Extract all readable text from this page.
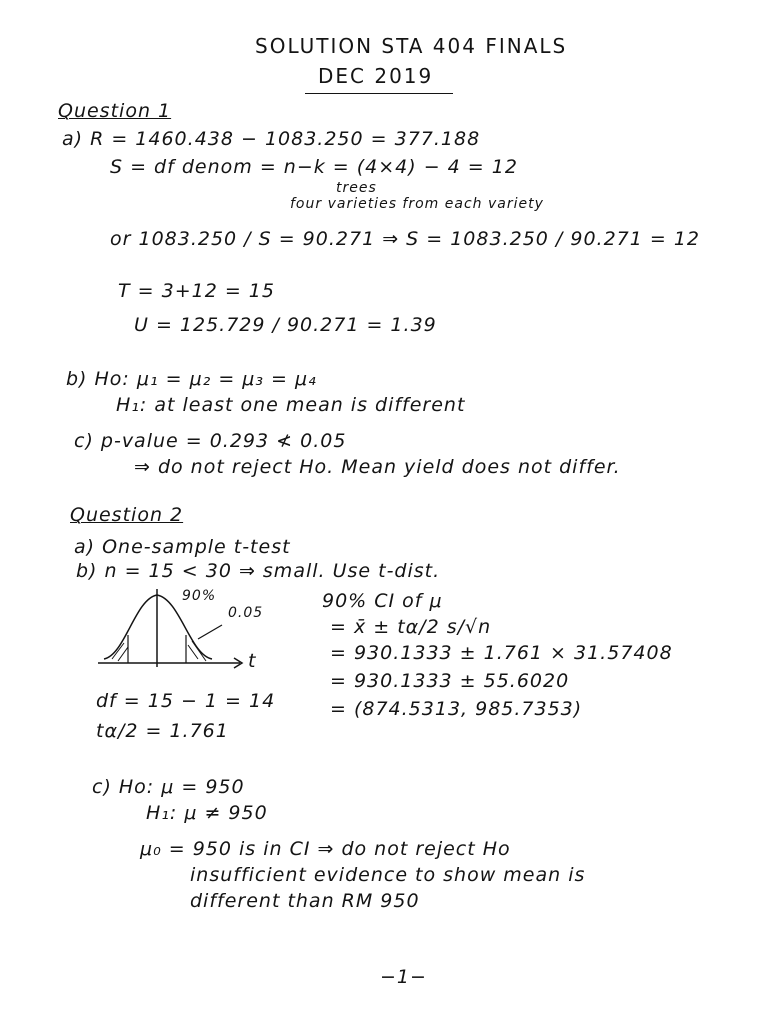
SOLUTION STA 404 FINALS
DEC 2019
Question 1
a) R = 1460.438 − 1083.250 = 377.188
S = df denom = n−k = (4×4) − 4 = 12
trees
four varieties from each variety
or 1083.250 / S = 90.271 ⇒ S = 1083.250 / 90.271 = 12
T = 3+12 = 15
U = 125.729 / 90.271 = 1.39
b) Ho: μ₁ = μ₂ = μ₃ = μ₄
H₁: at least one mean is different
c) p-value = 0.293 ≮ 0.05
⇒ do not reject Ho. Mean yield does not differ.
Question 2
a) One-sample t-test
b) n = 15 < 30 ⇒ small. Use t-dist.
90%
0.05
t
90% CI of μ
= x̄ ± tα/2 s/√n
= 930.1333 ± 1.761 × 31.57408
= 930.1333 ± 55.6020
= (874.5313, 985.7353)
df = 15 − 1 = 14
tα/2 = 1.761
c) Ho: μ = 950
H₁: μ ≠ 950
μ₀ = 950 is in CI ⇒ do not reject Ho
insufficient evidence to show mean is
different than RM 950
−1−
